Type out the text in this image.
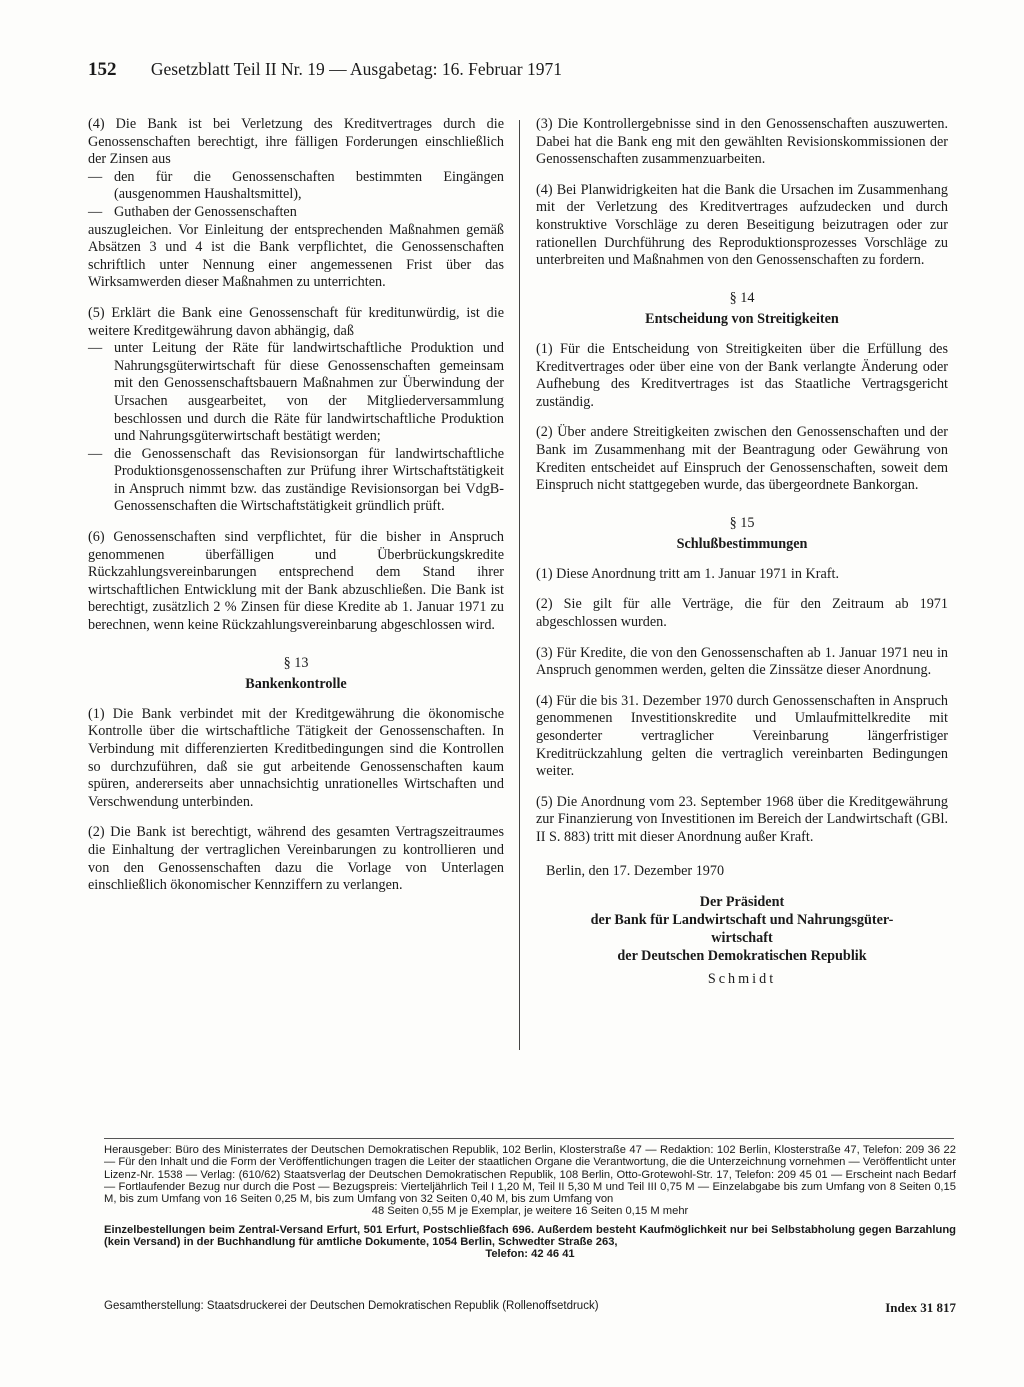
152 Gesetzblatt Teil II Nr. 19 — Ausgabetag: 16. Februar 1971

(4) Die Bank ist bei Verletzung des Kreditvertrages durch die Genossenschaften berechtigt, ihre fälligen Forderungen einschließlich der Zinsen aus

— den für die Genossenschaften bestimmten Eingängen (ausgenommen Haushaltsmittel),
— Guthaben der Genossenschaften

auszugleichen. Vor Einleitung der entsprechenden Maßnahmen gemäß Absätzen 3 und 4 ist die Bank verpflichtet, die Genossenschaften schriftlich unter Nennung einer angemessenen Frist über das Wirksamwerden dieser Maßnahmen zu unterrichten.

(5) Erklärt die Bank eine Genossenschaft für kreditunwürdig, ist die weitere Kreditgewährung davon abhängig, daß

— unter Leitung der Räte für landwirtschaftliche Produktion und Nahrungsgüterwirtschaft für diese Genossenschaften gemeinsam mit den Genossenschaftsbauern Maßnahmen zur Überwindung der Ursachen ausgearbeitet, von der Mitgliederversammlung beschlossen und durch die Räte für landwirtschaftliche Produktion und Nahrungsgüterwirtschaft bestätigt werden;
— die Genossenschaft das Revisionsorgan für landwirtschaftliche Produktionsgenossenschaften zur Prüfung ihrer Wirtschaftstätigkeit in Anspruch nimmt bzw. das zuständige Revisionsorgan bei VdgB-Genossenschaften die Wirtschaftstätigkeit gründlich prüft.

(6) Genossenschaften sind verpflichtet, für die bisher in Anspruch genommenen überfälligen und Überbrückungskredite Rückzahlungsvereinbarungen entsprechend dem Stand ihrer wirtschaftlichen Entwicklung mit der Bank abzuschließen. Die Bank ist berechtigt, zusätzlich 2 % Zinsen für diese Kredite ab 1. Januar 1971 zu berechnen, wenn keine Rückzahlungsvereinbarung abgeschlossen wird.

§ 13
Bankenkontrolle

(1) Die Bank verbindet mit der Kreditgewährung die ökonomische Kontrolle über die wirtschaftliche Tätigkeit der Genossenschaften. In Verbindung mit differenzierten Kreditbedingungen sind die Kontrollen so durchzuführen, daß sie gut arbeitende Genossenschaften kaum spüren, andererseits aber unnachsichtig unrationelles Wirtschaften und Verschwendung unterbinden.

(2) Die Bank ist berechtigt, während des gesamten Vertragszeitraumes die Einhaltung der vertraglichen Vereinbarungen zu kontrollieren und von den Genossenschaften dazu die Vorlage von Unterlagen einschließlich ökonomischer Kennziffern zu verlangen.

(3) Die Kontrollergebnisse sind in den Genossenschaften auszuwerten. Dabei hat die Bank eng mit den gewählten Revisionskommissionen der Genossenschaften zusammenzuarbeiten.

(4) Bei Planwidrigkeiten hat die Bank die Ursachen im Zusammenhang mit der Verletzung des Kreditvertrages aufzudecken und durch konstruktive Vorschläge zu deren Beseitigung beizutragen oder zur rationellen Durchführung des Reproduktionsprozesses Vorschläge zu unterbreiten und Maßnahmen von den Genossenschaften zu fordern.

§ 14
Entscheidung von Streitigkeiten

(1) Für die Entscheidung von Streitigkeiten über die Erfüllung des Kreditvertrages oder über eine von der Bank verlangte Änderung oder Aufhebung des Kreditvertrages ist das Staatliche Vertragsgericht zuständig.

(2) Über andere Streitigkeiten zwischen den Genossenschaften und der Bank im Zusammenhang mit der Beantragung oder Gewährung von Krediten entscheidet auf Einspruch der Genossenschaften, soweit dem Einspruch nicht stattgegeben wurde, das übergeordnete Bankorgan.

§ 15
Schlußbestimmungen

(1) Diese Anordnung tritt am 1. Januar 1971 in Kraft.

(2) Sie gilt für alle Verträge, die für den Zeitraum ab 1971 abgeschlossen wurden.

(3) Für Kredite, die von den Genossenschaften ab 1. Januar 1971 neu in Anspruch genommen werden, gelten die Zinssätze dieser Anordnung.

(4) Für die bis 31. Dezember 1970 durch Genossenschaften in Anspruch genommenen Investitionskredite und Umlaufmittelkredite mit gesonderter vertraglicher Vereinbarung längerfristiger Kreditrückzahlung gelten die vertraglich vereinbarten Bedingungen weiter.

(5) Die Anordnung vom 23. September 1968 über die Kreditgewährung zur Finanzierung von Investitionen im Bereich der Landwirtschaft (GBl. II S. 883) tritt mit dieser Anordnung außer Kraft.

Berlin, den 17. Dezember 1970

Der Präsident
der Bank für Landwirtschaft und Nahrungsgüter-
wirtschaft
der Deutschen Demokratischen Republik
Schmidt
Herausgeber: Büro des Ministerrates der Deutschen Demokratischen Republik, 102 Berlin, Klosterstraße 47 — Redaktion: 102 Berlin, Klosterstraße 47, Telefon: 209 36 22 — Für den Inhalt und die Form der Veröffentlichungen tragen die Leiter der staatlichen Organe die Verantwortung, die die Unterzeichnung vornehmen — Veröffentlicht unter Lizenz-Nr. 1538 — Verlag: (610/62) Staatsverlag der Deutschen Demokratischen Republik, 108 Berlin, Otto-Grotewohl-Str. 17, Telefon: 209 45 01 — Erscheint nach Bedarf — Fortlaufender Bezug nur durch die Post — Bezugspreis: Vierteljährlich Teil I 1,20 M, Teil II 5,30 M und Teil III 0,75 M — Einzelabgabe bis zum Umfang von 8 Seiten 0,15 M, bis zum Umfang von 16 Seiten 0,25 M, bis zum Umfang von 32 Seiten 0,40 M, bis zum Umfang von
48 Seiten 0,55 M je Exemplar, je weitere 16 Seiten 0,15 M mehr
Einzelbestellungen beim Zentral-Versand Erfurt, 501 Erfurt, Postschließfach 696. Außerdem besteht Kaufmöglichkeit nur bei Selbstabholung gegen Barzahlung (kein Versand) in der Buchhandlung für amtliche Dokumente, 1054 Berlin, Schwedter Straße 263,
Telefon: 42 46 41
Gesamtherstellung: Staatsdruckerei der Deutschen Demokratischen Republik (Rollenoffsetdruck)	Index 31 817
